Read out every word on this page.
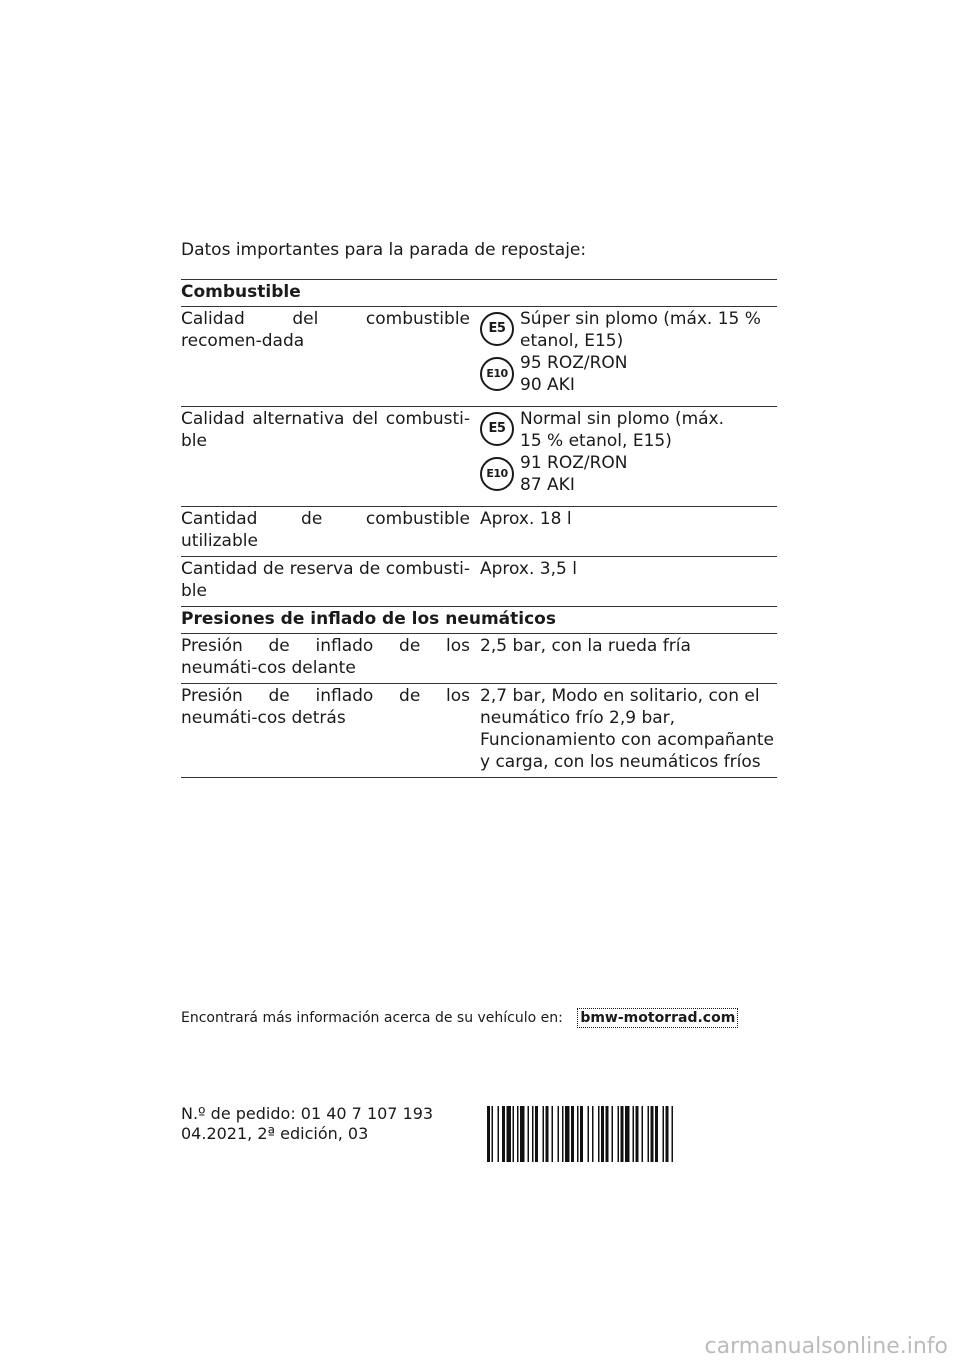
Datos importantes para la parada de repostaje:
Combustible
Calidad del combustible recomen-dada
E5
E10
Súper sin plomo (máx. 15 %
etanol, E15)
95 ROZ/RON
90 AKI
Calidad alternativa del combusti-ble
E5
E10
Normal sin plomo (máx.
15 % etanol, E15)
91 ROZ/RON
87 AKI
Cantidad de combustible utilizable
Aprox. 18 l
Cantidad de reserva de combusti-ble
Aprox. 3,5 l
Presiones de inflado de los neumáticos
Presión de inflado de los neumáti-cos delante
2,5 bar, con la rueda fría
Presión de inflado de los neumáti-cos detrás
2,7 bar, Modo en solitario, con el neumático frío 2,9 bar, Funcionamiento con acompañante y carga, con los neumáticos fríos
Encontrará más información acerca de su vehículo en: bmw-motorrad.com
N.º de pedido: 01 40 7 107 193
04.2021, 2ª edición, 03
carmanualsonline.info
